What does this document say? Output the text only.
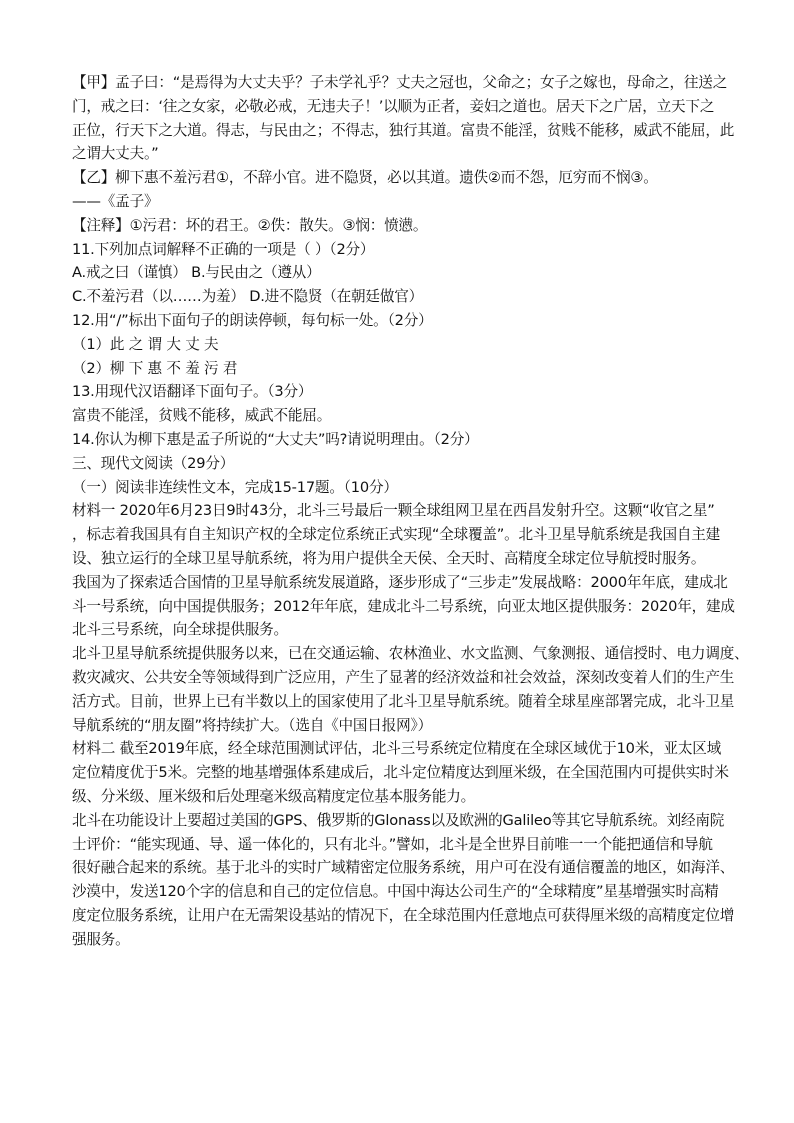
【甲】孟子曰：“是焉得为大丈夫乎？子未学礼乎？丈夫之冠也，父命之；女子之嫁也，母命之，往送之
门，戒之曰：‘往之女家，必敬必戒，无违夫子！’以顺为正者，妾妇之道也。居天下之广居，立天下之
正位，行天下之大道。得志，与民由之；不得志，独行其道。富贵不能淫，贫贱不能移，威武不能屈，此
之谓大丈夫。”
【乙】柳下惠不羞污君①，不辞小官。进不隐贤，必以其道。遗佚②而不怨，厄穷而不悯③。
——《孟子》
【注释】①污君：坏的君王。②佚：散失。③悯：愤懑。
11.下列加点词解释不正确的一项是（ ）（2分）
A.戒之曰（谨慎） B.与民由之（遵从）
C.不羞污君（以……为羞） D.进不隐贤（在朝廷做官）
12.用“/”标出下面句子的朗读停顿，每句标一处。（2分）
（1）此 之 谓 大 丈 夫
（2）柳 下 惠 不 羞 污 君
13.用现代汉语翻译下面句子。（3分）
富贵不能淫，贫贱不能移，威武不能屈。
14.你认为柳下惠是孟子所说的“大丈夫”吗?请说明理由。（2分）
三、现代文阅读（29分）
（一）阅读非连续性文本，完成15-17题。（10分）
材料一 2020年6月23日9时43分，北斗三号最后一颗全球组网卫星在西昌发射升空。这颗“收官之星”
，标志着我国具有自主知识产权的全球定位系统正式实现“全球覆盖”。北斗卫星导航系统是我国自主建
设、独立运行的全球卫星导航系统，将为用户提供全天侯、全天时、高精度全球定位导航授时服务。
我国为了探索适合国情的卫星导航系统发展道路，逐步形成了“三步走”发展战略：2000年年底，建成北
斗一号系统，向中国提供服务；2012年年底，建成北斗二号系统，向亚太地区提供服务：2020年，建成
北斗三号系统，向全球提供服务。
北斗卫星导航系统提供服务以来，已在交通运输、农林渔业、水文监测、气象测报、通信授时、电力调度、
救灾减灾、公共安全等领域得到广泛应用，产生了显著的经济效益和社会效益，深刻改变着人们的生产生
活方式。目前，世界上已有半数以上的国家使用了北斗卫星导航系统。随着全球星座部署完成，北斗卫星
导航系统的“朋友圈”将持续扩大。（选自《中国日报网》）
材料二 截至2019年底，经全球范围测试评估，北斗三号系统定位精度在全球区域优于10米，亚太区域
定位精度优于5米。完整的地基增强体系建成后，北斗定位精度达到厘米级，在全国范围内可提供实时米
级、分米级、厘米级和后处理毫米级高精度定位基本服务能力。
北斗在功能设计上要超过美国的GPS、俄罗斯的Glonass以及欧洲的Galileo等其它导航系统。刘经南院
士评价：“能实现通、导、遥一体化的，只有北斗。”譬如，北斗是全世界目前唯一一个能把通信和导航
很好融合起来的系统。基于北斗的实时广域精密定位服务系统，用户可在没有通信覆盖的地区，如海洋、
沙漠中，发送120个字的信息和自己的定位信息。中国中海达公司生产的“全球精度”星基增强实时高精
度定位服务系统，让用户在无需架设基站的情况下，在全球范围内任意地点可获得厘米级的高精度定位增
强服务。
